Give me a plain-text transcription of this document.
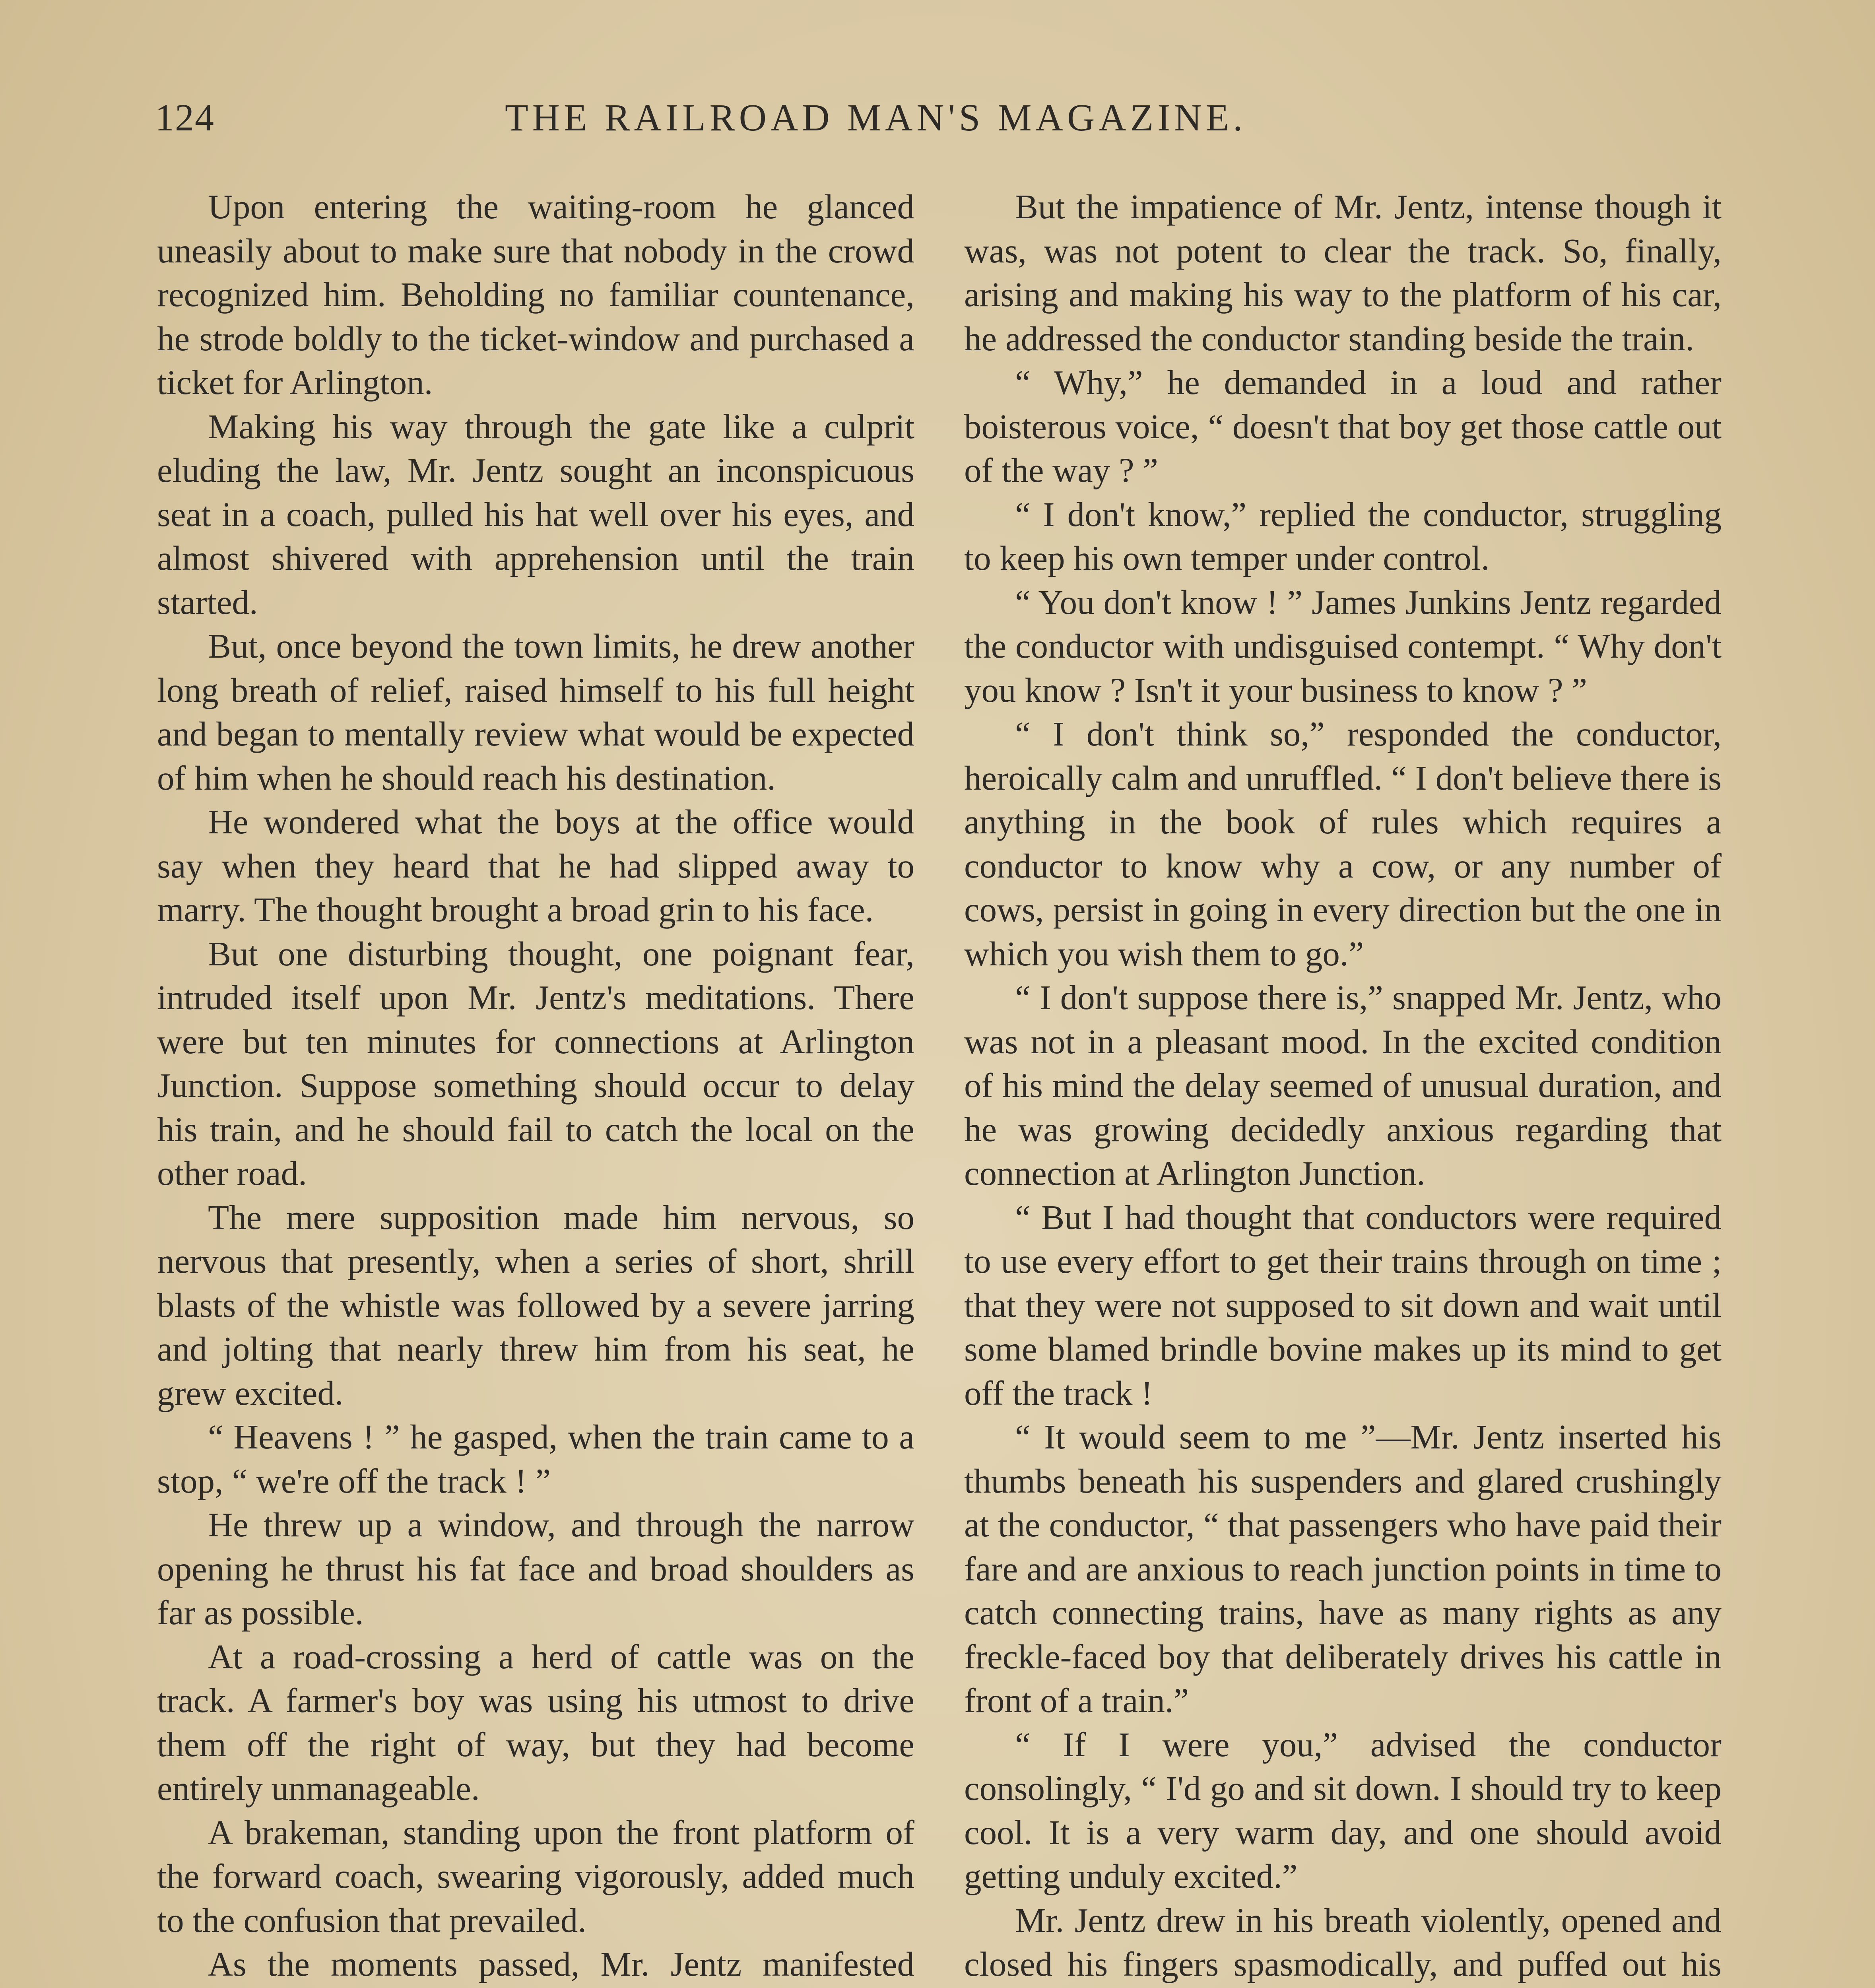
124	THE RAILROAD MAN'S MAGAZINE.

Upon entering the waiting-room he glanced uneasily about to make sure that nobody in the crowd recognized him. Beholding no familiar countenance, he strode boldly to the ticket-window and purchased a ticket for Arlington.

Making his way through the gate like a culprit eluding the law, Mr. Jentz sought an inconspicuous seat in a coach, pulled his hat well over his eyes, and almost shivered with apprehension until the train started.

But, once beyond the town limits, he drew another long breath of relief, raised himself to his full height and began to mentally review what would be expected of him when he should reach his destination.

He wondered what the boys at the office would say when they heard that he had slipped away to marry. The thought brought a broad grin to his face.

But one disturbing thought, one poignant fear, intruded itself upon Mr. Jentz's meditations. There were but ten minutes for connections at Arlington Junction. Suppose something should occur to delay his train, and he should fail to catch the local on the other road.

The mere supposition made him nervous, so nervous that presently, when a series of short, shrill blasts of the whistle was followed by a severe jarring and jolting that nearly threw him from his seat, he grew excited.

“ Heavens ! ” he gasped, when the train came to a stop, “ we're off the track ! ”

He threw up a window, and through the narrow opening he thrust his fat face and broad shoulders as far as possible.

At a road-crossing a herd of cattle was on the track. A farmer's boy was using his utmost to drive them off the right of way, but they had become entirely unmanageable.

A brakeman, standing upon the front platform of the forward coach, swearing vigorously, added much to the confusion that prevailed.

As the moments passed, Mr. Jentz manifested

But the impatience of Mr. Jentz, intense though it was, was not potent to clear the track. So, finally, arising and making his way to the platform of his car, he addressed the conductor standing beside the train.

“ Why,” he demanded in a loud and rather boisterous voice, “ doesn't that boy get those cattle out of the way ? ”

“ I don't know,” replied the conductor, struggling to keep his own temper under control.

“ You don't know ! ” James Junkins Jentz regarded the conductor with undisguised contempt. “ Why don't you know ? Isn't it your business to know ? ”

“ I don't think so,” responded the conductor, heroically calm and unruffled. “ I don't believe there is anything in the book of rules which requires a conductor to know why a cow, or any number of cows, persist in going in every direction but the one in which you wish them to go.”

“ I don't suppose there is,” snapped Mr. Jentz, who was not in a pleasant mood. In the excited condition of his mind the delay seemed of unusual duration, and he was growing decidedly anxious regarding that connection at Arlington Junction.

“ But I had thought that conductors were required to use every effort to get their trains through on time ; that they were not supposed to sit down and wait until some blamed brindle bovine makes up its mind to get off the track !

“ It would seem to me ”—Mr. Jentz inserted his thumbs beneath his suspenders and glared crushingly at the conductor, “ that passengers who have paid their fare and are anxious to reach junction points in time to catch connecting trains, have as many rights as any freckle-faced boy that deliberately drives his cattle in front of a train.”

“ If I were you,” advised the conductor consolingly, “ I'd go and sit down. I should try to keep cool. It is a very warm day, and one should avoid getting unduly excited.”

Mr. Jentz drew in his breath violently, opened and closed his fingers spasmodically, and puffed out his
